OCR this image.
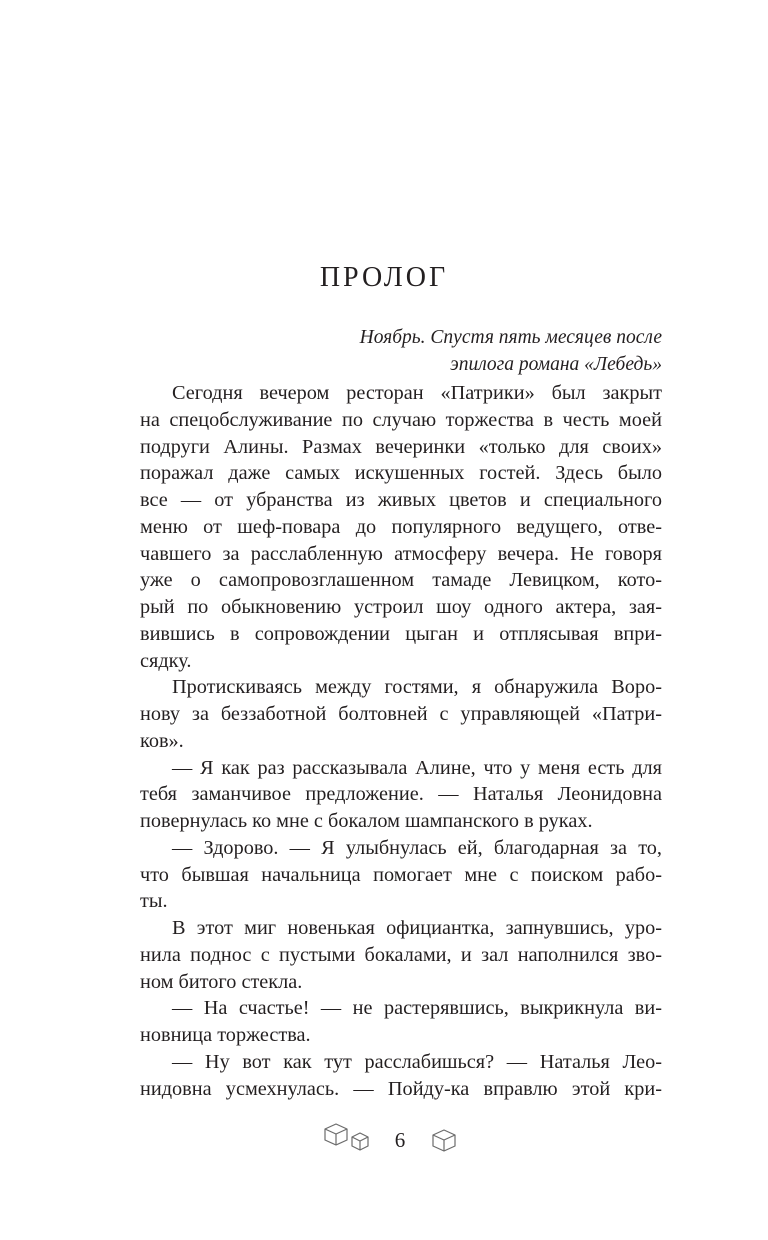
ПРОЛОГ
Ноябрь. Спустя пять месяцев после
эпилога романа «Лебедь»
Сегодня вечером ресторан «Патрики» был закрыт
на спецобслуживание по случаю торжества в честь моей
подруги Алины. Размах вечеринки «только для своих»
поражал даже самых искушенных гостей. Здесь было
все — от убранства из живых цветов и специального
меню от шеф-повара до популярного ведущего, отве-
чавшего за расслабленную атмосферу вечера. Не говоря
уже о самопровозглашенном тамаде Левицком, кото-
рый по обыкновению устроил шоу одного актера, зая-
вившись в сопровождении цыган и отплясывая впри-
сядку.
Протискиваясь между гостями, я обнаружила Воро-
нову за беззаботной болтовней с управляющей «Патри-
ков».
— Я как раз рассказывала Алине, что у меня есть для
тебя заманчивое предложение. — Наталья Леонидовна
повернулась ко мне с бокалом шампанского в руках.
— Здорово. — Я улыбнулась ей, благодарная за то,
что бывшая начальница помогает мне с поиском рабо-
ты.
В этот миг новенькая официантка, запнувшись, уро-
нила поднос с пустыми бокалами, и зал наполнился зво-
ном битого стекла.
— На счастье! — не растерявшись, выкрикнула ви-
новница торжества.
— Ну вот как тут расслабишься? — Наталья Лео-
нидовна усмехнулась. — Пойду-ка вправлю этой кри-
6
